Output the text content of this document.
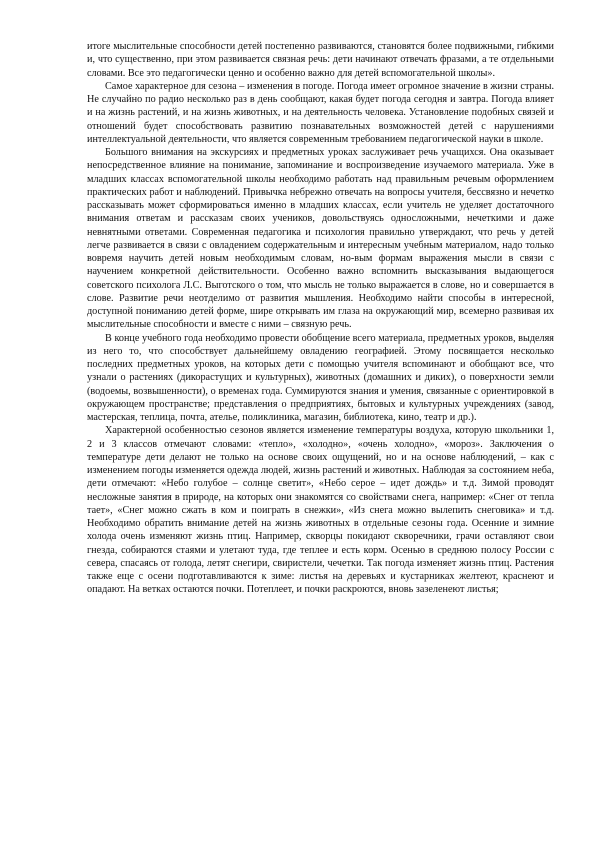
итоге мыслительные способности детей постепенно развиваются, становятся более подвижными, гибкими и, что существенно, при этом развивается связная речь: дети начинают отвечать фразами, а те отдельными словами. Все это педагогически ценно и особенно важно для детей вспомогательной школы».

Самое характерное для сезона – изменения в погоде. Погода имеет огромное значение в жизни страны. Не случайно по радио несколько раз в день сообщают, какая будет погода сегодня и завтра. Погода влияет и на жизнь растений, и на жизнь животных, и на деятельность человека. Установление подобных связей и отношений будет способствовать развитию познавательных возможностей детей с нарушениями интеллектуальной деятельности, что является современным требованием педагогической науки в школе.

Большого внимания на экскурсиях и предметных уроках заслуживает речь учащихся. Она оказывает непосредственное влияние на понимание, запоминание и воспроизведение изучаемого материала. Уже в младших классах вспомогательной школы необходимо работать над правильным речевым оформлением практических работ и наблюдений. Привычка небрежно отвечать на вопросы учителя, бессвязно и нечетко рассказывать может сформироваться именно в младших классах, если учитель не уделяет достаточного внимания ответам и рассказам своих учеников, довольствуясь односложными, нечеткими и даже невнятными ответами. Современная педагогика и психология правильно утверждают, что речь у детей легче развивается в связи с овладением содержательным и интересным учебным материалом, надо только вовремя научить детей новым необходимым словам, но-вым формам выражения мысли в связи с научением конкретной действительности. Особенно важно вспомнить высказывания выдающегося советского психолога Л.С. Выготского о том, что мысль не только выражается в слове, но и совершается в слове. Развитие речи неотделимо от развития мышления. Необходимо найти способы в интересной, доступной пониманию детей форме, шире открывать им глаза на окружающий мир, всемерно развивая их мыслительные способности и вместе с ними – связную речь.

В конце учебного года необходимо провести обобщение всего материала, предметных уроков, выделяя из него то, что способствует дальнейшему овладению географией. Этому посвящается несколько последних предметных уроков, на которых дети с помощью учителя вспоминают и обобщают все, что узнали о растениях (дикорастущих и культурных), животных (домашних и диких), о поверхности земли (водоемы, возвышенности), о временах года. Суммируются знания и умения, связанные с ориентировкой в окружающем пространстве; представления о предприятиях, бытовых и культурных учреждениях (завод, мастерская, теплица, почта, ателье, поликлиника, магазин, библиотека, кино, театр и др.).

Характерной особенностью сезонов является изменение температуры воздуха, которую школьники 1, 2 и 3 классов отмечают словами: «тепло», «холодно», «очень холодно», «мороз». Заключения о температуре дети делают не только на основе своих ощущений, но и на основе наблюдений, – как с изменением погоды изменяется одежда людей, жизнь растений и животных. Наблюдая за состоянием неба, дети отмечают: «Небо голубое – солнце светит», «Небо серое – идет дождь» и т.д. Зимой проводят несложные занятия в природе, на которых они знакомятся со свойствами снега, например: «Снег от тепла тает», «Снег можно сжать в ком и поиграть в снежки», «Из снега можно вылепить снеговика» и т.д. Необходимо обратить внимание детей на жизнь животных в отдельные сезоны года. Осенние и зимние холода очень изменяют жизнь птиц. Например, скворцы покидают скворечники, грачи оставляют свои гнезда, собираются стаями и улетают туда, где теплее и есть корм. Осенью в среднюю полосу России с севера, спасаясь от голода, летят снегири, свиристели, чечетки. Так погода изменяет жизнь птиц. Растения также еще с осени подготавливаются к зиме: листья на деревьях и кустарниках желтеют, краснеют и опадают. На ветках остаются почки. Потеплеет, и почки раскроются, вновь зазеленеют листья;
